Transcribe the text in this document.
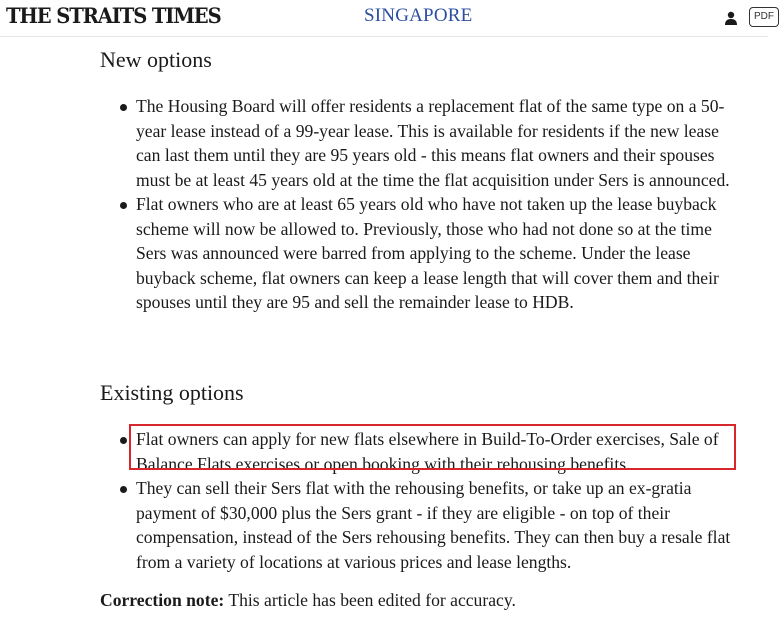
THE STRAITS TIMES	SINGAPORE	PDF
New options
The Housing Board will offer residents a replacement flat of the same type on a 50-year lease instead of a 99-year lease. This is available for residents if the new lease can last them until they are 95 years old - this means flat owners and their spouses must be at least 45 years old at the time the flat acquisition under Sers is announced.
Flat owners who are at least 65 years old who have not taken up the lease buyback scheme will now be allowed to. Previously, those who had not done so at the time Sers was announced were barred from applying to the scheme. Under the lease buyback scheme, flat owners can keep a lease length that will cover them and their spouses until they are 95 and sell the remainder lease to HDB.
Existing options
Flat owners can apply for new flats elsewhere in Build-To-Order exercises, Sale of Balance Flats exercises or open booking with their rehousing benefits.
They can sell their Sers flat with the rehousing benefits, or take up an ex-gratia payment of $30,000 plus the Sers grant - if they are eligible - on top of their compensation, instead of the Sers rehousing benefits. They can then buy a resale flat from a variety of locations at various prices and lease lengths.
Correction note: This article has been edited for accuracy.
